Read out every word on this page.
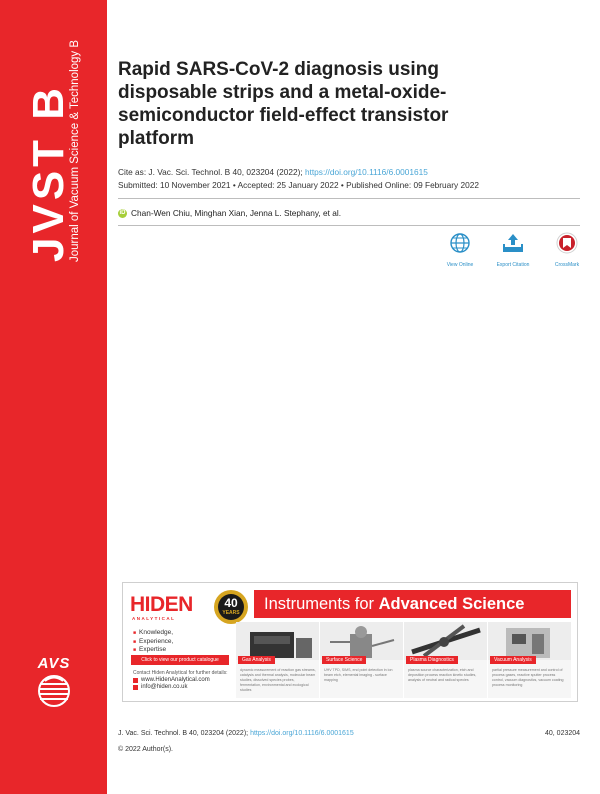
JVST B
Journal of Vacuum Science & Technology B
AVS
Rapid SARS-CoV-2 diagnosis using disposable strips and a metal-oxide-semiconductor field-effect transistor platform
Cite as: J. Vac. Sci. Technol. B 40, 023204 (2022); https://doi.org/10.1116/6.0001615
Submitted: 10 November 2021 • Accepted: 25 January 2022 • Published Online: 09 February 2022
iD Chan-Wen Chiu, Minghan Xian, Jenna L. Stephany, et al.
View Online	Export Citation	CrossMark
HIDEN
ANALYTICAL
40
YEARS	Instruments for Advanced Science
■ Knowledge,
■ Experience,
■ Expertise
Click to view our product catalogue
Contact Hiden Analytical for further details:
www.HidenAnalytical.com
info@hiden.co.uk
Gas Analysis
dynamic measurement of reaction gas streams, catalysis and thermal analysis, molecular beam studies, dissolved species probes, fermentation, environmental and ecological studies
Surface Science
UHV TPD, SIMS, end point detection in ion beam etch, elemental imaging - surface mapping
Plasma Diagnostics
plasma source characterization, etch and deposition process reaction kinetic studies, analysis of neutral and radical species
Vacuum Analysis
partial pressure measurement and control of process gases, reactive sputter process control, vacuum diagnostics, vacuum coating process monitoring
J. Vac. Sci. Technol. B 40, 023204 (2022); https://doi.org/10.1116/6.0001615	40, 023204
© 2022 Author(s).
